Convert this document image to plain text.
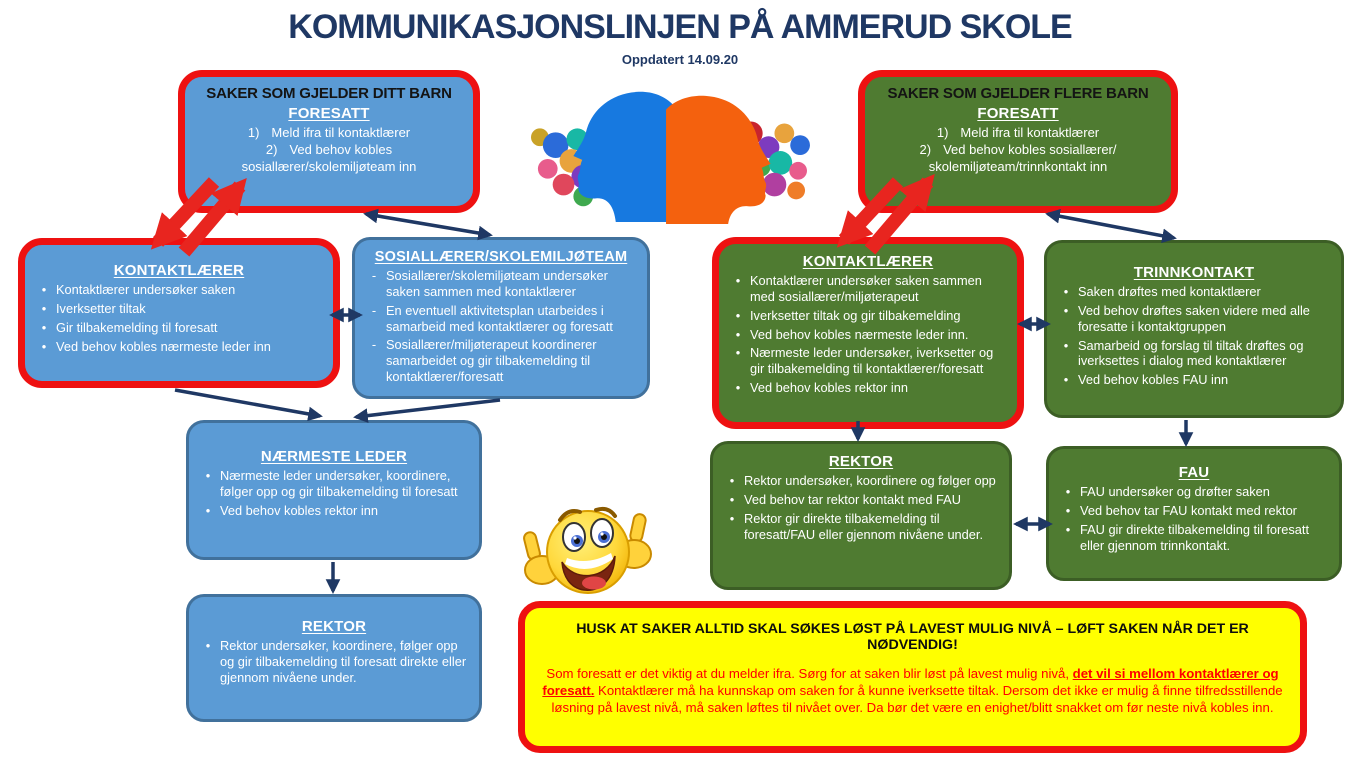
KOMMUNIKASJONSLINJEN PÅ AMMERUD SKOLE
Oppdatert 14.09.20
SAKER SOM GJELDER DITT BARN
FORESATT
1) Meld ifra til kontaktlærer
2) Ved behov kobles sosiallærer/skolemiljøteam inn
SAKER SOM GJELDER FLERE BARN
FORESATT
1) Meld ifra til kontaktlærer
2) Ved behov kobles sosiallærer/ skolemiljøteam/trinnkontakt inn
KONTAKTLÆRER
• Kontaktlærer undersøker saken
• Iverksetter tiltak
• Gir tilbakemelding til foresatt
• Ved behov kobles nærmeste leder inn
SOSIALLÆRER/SKOLEMILJØTEAM
- Sosiallærer/skolemiljøteam undersøker saken sammen med kontaktlærer
- En eventuell aktivitetsplan utarbeides i samarbeid med kontaktlærer og foresatt
- Sosiallærer/miljøterapeut koordinerer samarbeidet og gir tilbakemelding til kontaktlærer/foresatt
KONTAKTLÆRER
• Kontaktlærer undersøker saken sammen med sosiallærer/miljøterapeut
• Iverksetter tiltak og gir tilbakemelding
• Ved behov kobles nærmeste leder inn.
• Nærmeste leder undersøker, iverksetter og gir tilbakemelding til kontaktlærer/foresatt
• Ved behov kobles rektor inn
TRINNKONTAKT
• Saken drøftes med kontaktlærer
• Ved behov drøftes saken videre med alle foresatte i kontaktgruppen
• Samarbeid og forslag til tiltak drøftes og iverksettes i dialog med kontaktlærer
• Ved behov kobles FAU inn
NÆRMESTE LEDER
• Nærmeste leder undersøker, koordinere, følger opp og gir tilbakemelding til foresatt
• Ved behov kobles rektor inn
REKTOR
• Rektor undersøker, koordinere og følger opp
• Ved behov tar rektor kontakt med FAU
• Rektor gir direkte tilbakemelding til foresatt/FAU eller gjennom nivåene under.
FAU
• FAU undersøker og drøfter saken
• Ved behov tar FAU kontakt med rektor
• FAU gir direkte tilbakemelding til foresatt eller gjennom trinnkontakt.
REKTOR
• Rektor undersøker, koordinere, følger opp og gir tilbakemelding til foresatt direkte eller gjennom nivåene under.
HUSK AT SAKER ALLTID SKAL SØKES LØST PÅ LAVEST MULIG NIVÅ – LØFT SAKEN NÅR DET ER NØDVENDIG!
Som foresatt er det viktig at du melder ifra. Sørg for at saken blir løst på lavest mulig nivå, det vil si mellom kontaktlærer og foresatt. Kontaktlærer må ha kunnskap om saken for å kunne iverksette tiltak. Dersom det ikke er mulig å finne tilfredsstillende løsning på lavest nivå, må saken løftes til nivået over. Da bør det være en enighet/blitt snakket om før neste nivå kobles inn.
